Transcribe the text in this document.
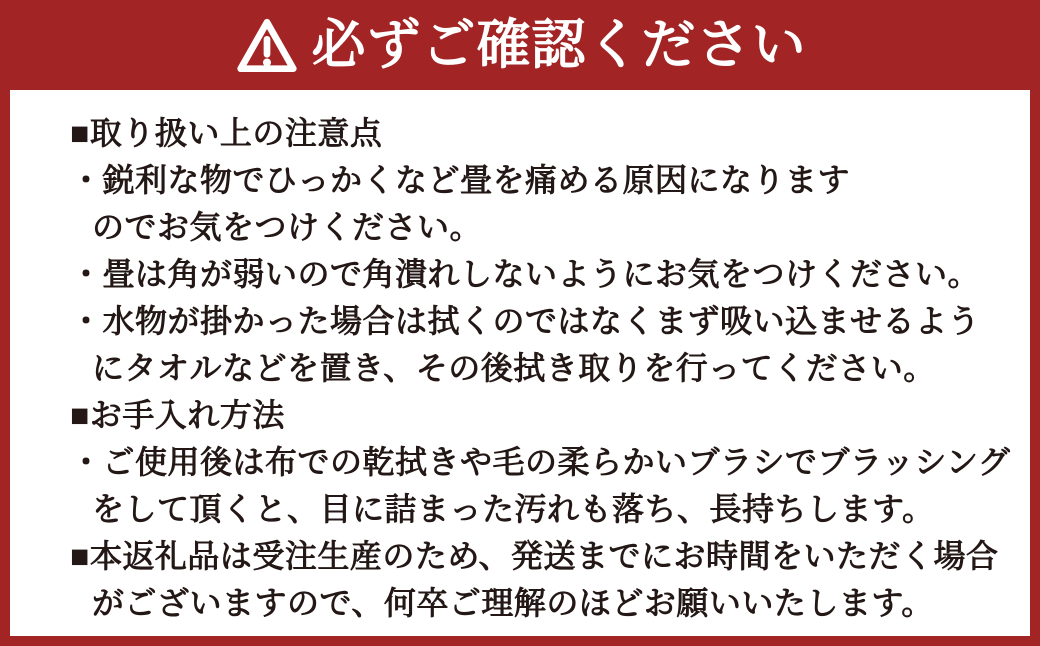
必ずご確認ください
■取り扱い上の注意点
・鋭利な物でひっかくなど畳を痛める原因になります
のでお気をつけください。
・畳は角が弱いので角潰れしないようにお気をつけください。
・水物が掛かった場合は拭くのではなくまず吸い込ませるよう
にタオルなどを置き、その後拭き取りを行ってください。
■お手入れ方法
・ご使用後は布での乾拭きや毛の柔らかいブラシでブラッシング
をして頂くと、目に詰まった汚れも落ち、長持ちします。
■本返礼品は受注生産のため、発送までにお時間をいただく場合
がございますので、何卒ご理解のほどお願いいたします。
